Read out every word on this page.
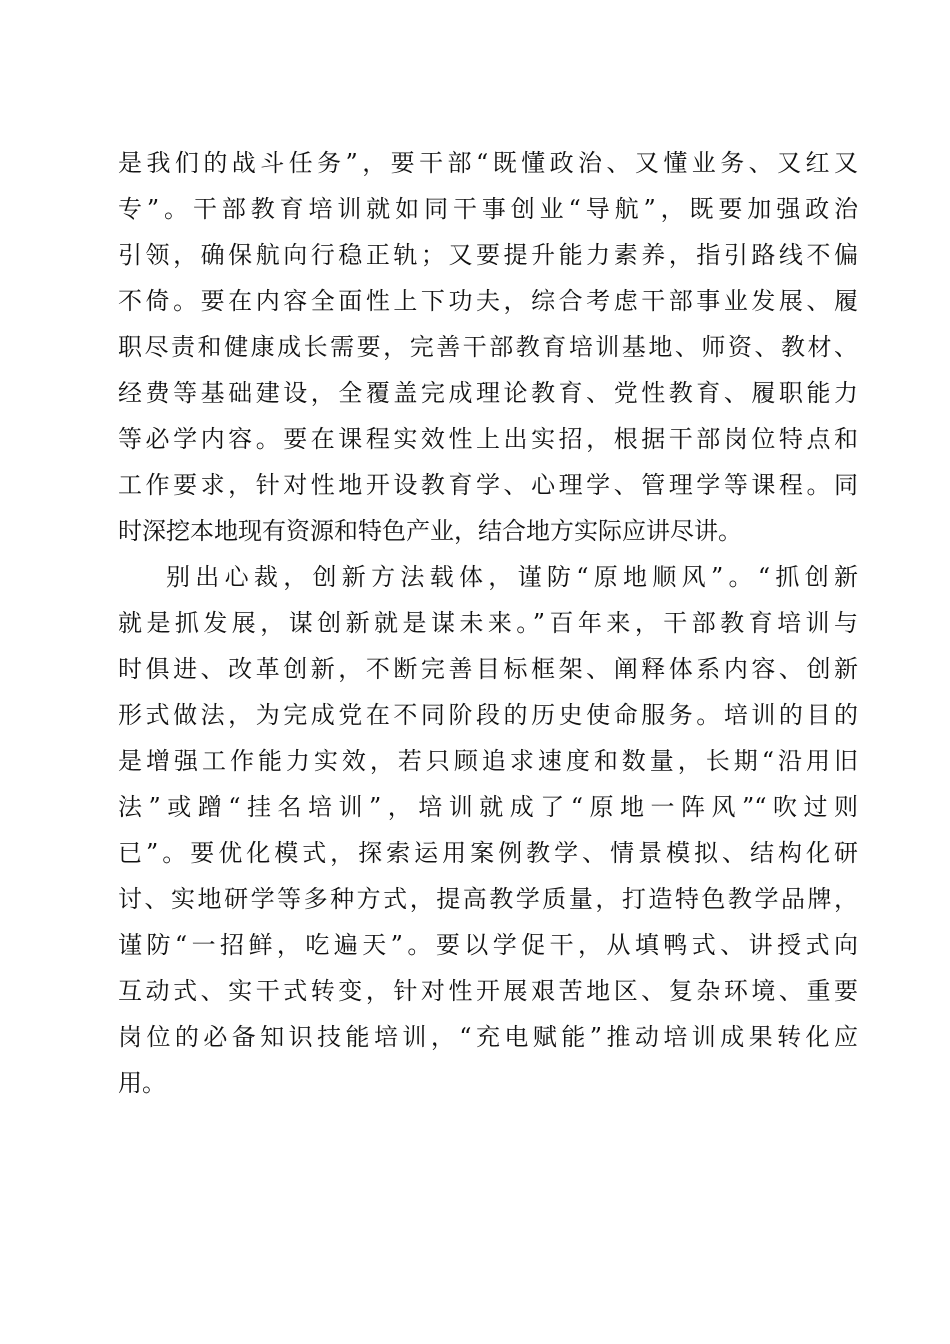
是我们的战斗任务”，要干部“既懂政治、又懂业务、又红又
专”。干部教育培训就如同干事创业“导航”，既要加强政治
引领，确保航向行稳正轨；又要提升能力素养，指引路线不偏
不倚。要在内容全面性上下功夫，综合考虑干部事业发展、履
职尽责和健康成长需要，完善干部教育培训基地、师资、教材、
经费等基础建设，全覆盖完成理论教育、党性教育、履职能力
等必学内容。要在课程实效性上出实招，根据干部岗位特点和
工作要求，针对性地开设教育学、心理学、管理学等课程。同
时深挖本地现有资源和特色产业，结合地方实际应讲尽讲。
别出心裁，创新方法载体，谨防“原地顺风”。“抓创新
就是抓发展，谋创新就是谋未来。”百年来，干部教育培训与
时俱进、改革创新，不断完善目标框架、阐释体系内容、创新
形式做法，为完成党在不同阶段的历史使命服务。培训的目的
是增强工作能力实效，若只顾追求速度和数量，长期“沿用旧
法”或蹭“挂名培训”，培训就成了“原地一阵风”“吹过则
已”。要优化模式，探索运用案例教学、情景模拟、结构化研
讨、实地研学等多种方式，提高教学质量，打造特色教学品牌，
谨防“一招鲜，吃遍天”。要以学促干，从填鸭式、讲授式向
互动式、实干式转变，针对性开展艰苦地区、复杂环境、重要
岗位的必备知识技能培训，“充电赋能”推动培训成果转化应
用。
